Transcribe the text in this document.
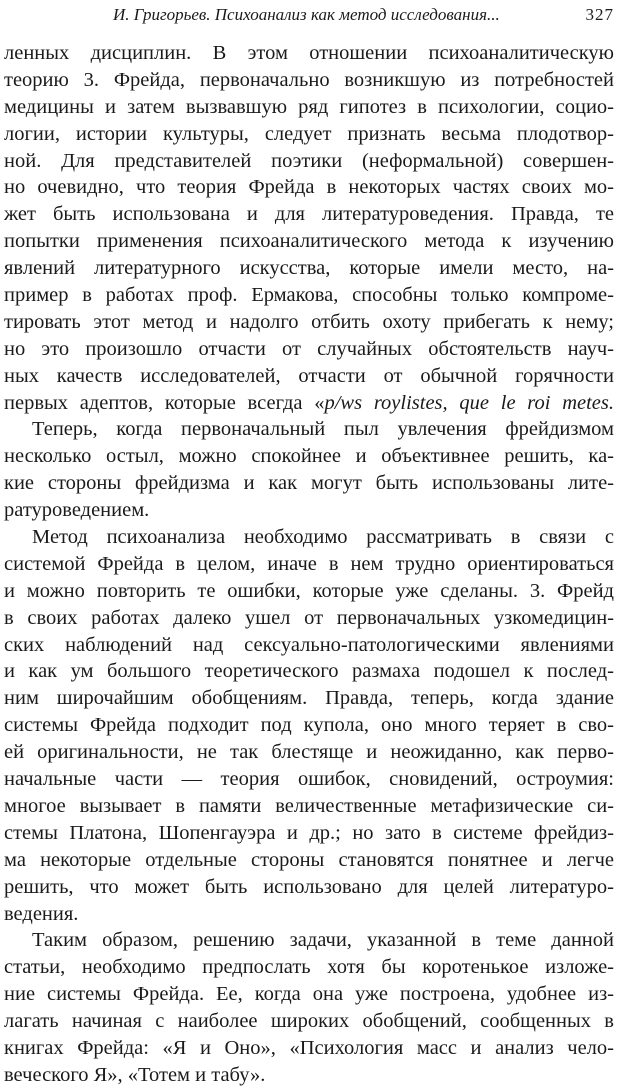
И. Григорьев. Психоанализ как метод исследования...	327
ленных дисциплин. В этом отношении психоаналитическую
теорию 3. Фрейда, первоначально возникшую из потребностей
медицины и затем вызвавшую ряд гипотез в психологии, социо-
логии, истории культуры, следует признать весьма плодотвор-
ной. Для представителей поэтики (неформальной) совершен-
но очевидно, что теория Фрейда в некоторых частях своих мо-
жет быть использована и для литературоведения. Правда, те
попытки применения психоаналитического метода к изучению
явлений литературного искусства, которые имели место, на-
пример в работах проф. Ермакова, способны только компроме-
тировать этот метод и надолго отбить охоту прибегать к нему;
но это произошло отчасти от случайных обстоятельств науч-
ных качеств исследователей, отчасти от обычной горячности
первых адептов, которые всегда «p/ws roylistes, que le roi metes.
Теперь, когда первоначальный пыл увлечения фрейдизмом
несколько остыл, можно спокойнее и объективнее решить, ка-
кие стороны фрейдизма и как могут быть использованы лите-
ратуроведением.
Метод психоанализа необходимо рассматривать в связи с
системой Фрейда в целом, иначе в нем трудно ориентироваться
и можно повторить те ошибки, которые уже сделаны. 3. Фрейд
в своих работах далеко ушел от первоначальных узкомедицин-
ских наблюдений над сексуально-патологическими явлениями
и как ум большого теоретического размаха подошел к послед-
ним широчайшим обобщениям. Правда, теперь, когда здание
системы Фрейда подходит под купола, оно много теряет в сво-
ей оригинальности, не так блестяще и неожиданно, как перво-
начальные части — теория ошибок, сновидений, остроумия:
многое вызывает в памяти величественные метафизические си-
стемы Платона, Шопенгауэра и др.; но зато в системе фрейдиз-
ма некоторые отдельные стороны становятся понятнее и легче
решить, что может быть использовано для целей литературо-
ведения.
Таким образом, решению задачи, указанной в теме данной
статьи, необходимо предпослать хотя бы коротенькое изложе-
ние системы Фрейда. Ее, когда она уже построена, удобнее из-
лагать начиная с наиболее широких обобщений, сообщенных в
книгах Фрейда: «Я и Оно», «Психология масс и анализ чело-
веческого Я», «Тотем и табу».
